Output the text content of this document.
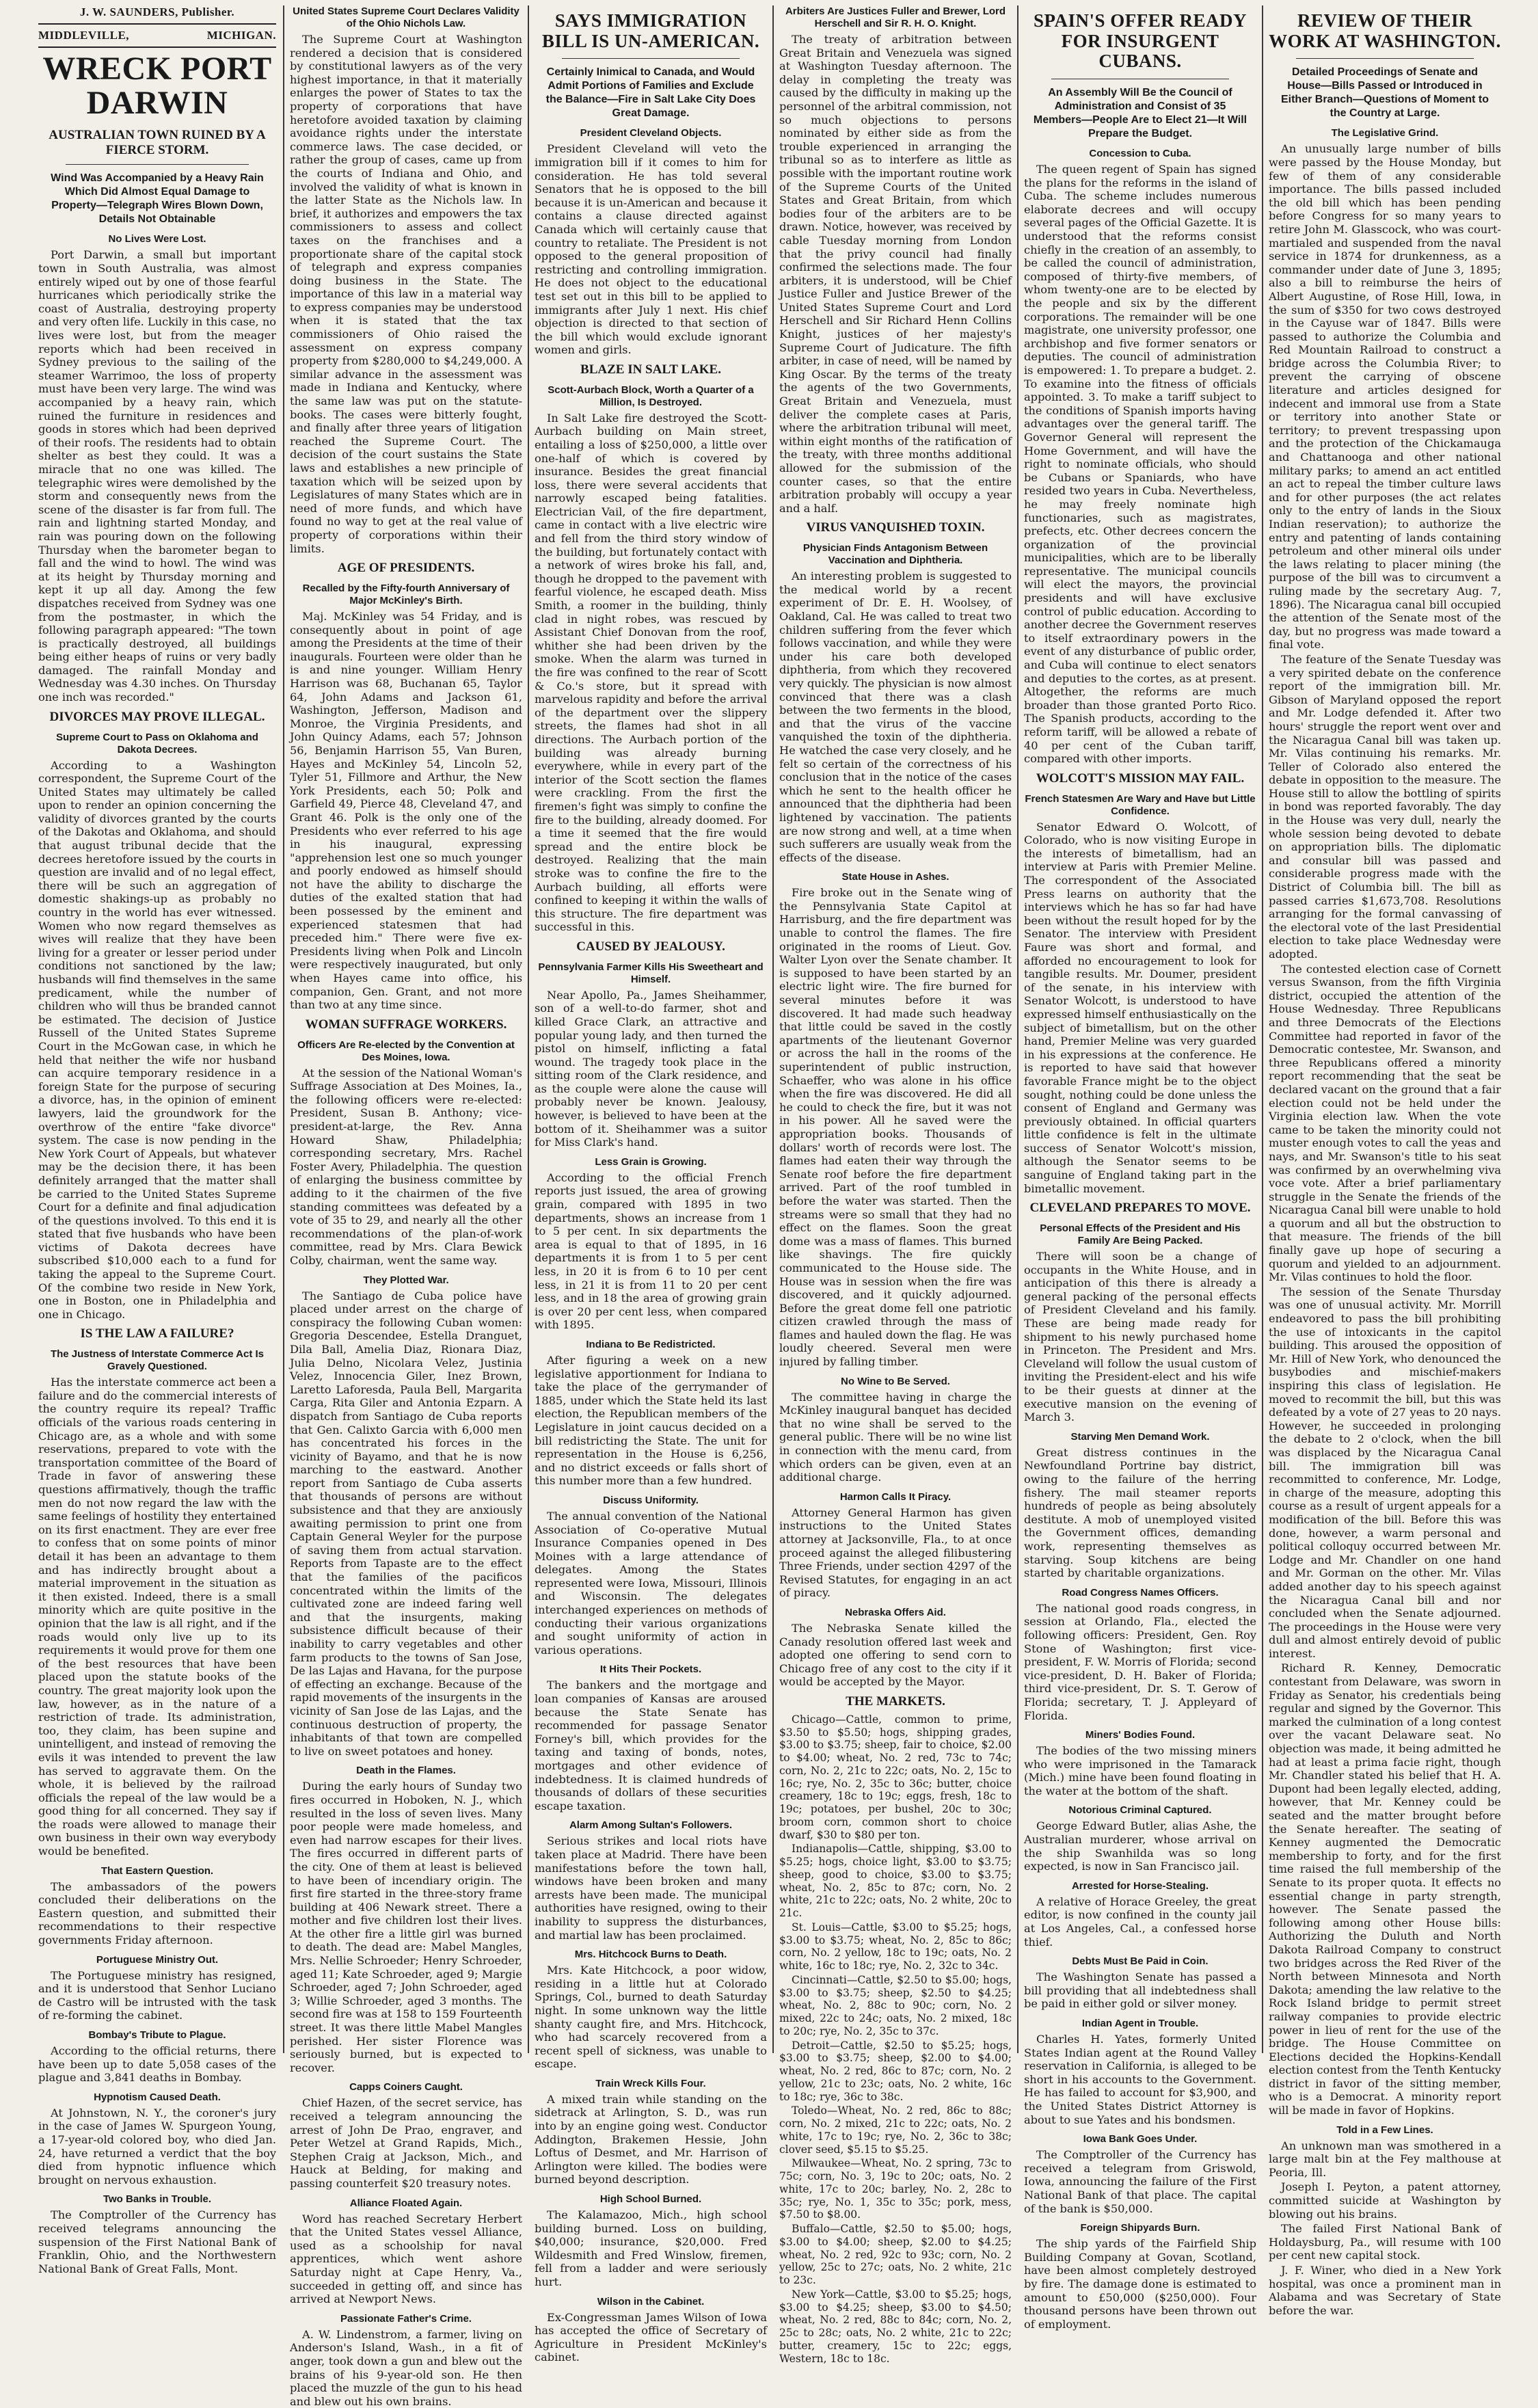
J. W. SAUNDERS, Publisher.
MIDDLEVILLE,	MICHIGAN.
WRECK PORT DARWIN
AUSTRALIAN TOWN RUINED BY A FIERCE STORM.
Wind Was Accompanied by a Heavy Rain Which Did Almost Equal Damage to Property—Telegraph Wires Blown Down, Details Not Obtainable
No Lives Were Lost.

Port Darwin, a small but important town in South Australia, was almost entirely wiped out by one of those fearful hurricanes which periodically strike the coast of Australia, destroying property and very often life. Luckily in this case, no lives were lost, but from the meager reports which had been received in Sydney previous to the sailing of the steamer Warrimoo, the loss of property must have been very large. The wind was accompanied by a heavy rain, which ruined the furniture in residences and goods in stores which had been deprived of their roofs. The residents had to obtain shelter as best they could. It was a miracle that no one was killed. The telegraphic wires were demolished by the storm and consequently news from the scene of the disaster is far from full. The rain and lightning started Monday, and rain was pouring down on the following Thursday when the barometer began to fall and the wind to howl. The wind was at its height by Thursday morning and kept it up all day. Among the few dispatches received from Sydney was one from the postmaster, in which the following paragraph appeared: "The town is practically destroyed, all buildings being either heaps of ruins or very badly damaged. The rainfall Monday and Wednesday was 4.30 inches. On Thursday one inch was recorded."

DIVORCES MAY PROVE ILLEGAL.
Supreme Court to Pass on Oklahoma and Dakota Decrees.

According to a Washington correspondent, the Supreme Court of the United States may ultimately be called upon to render an opinion concerning the validity of divorces granted by the courts of the Dakotas and Oklahoma, and should that august tribunal decide that the decrees heretofore issued by the courts in question are invalid and of no legal effect, there will be such an aggregation of domestic shakings-up as probably no country in the world has ever witnessed. Women who now regard themselves as wives will realize that they have been living for a greater or lesser period under conditions not sanctioned by the law; husbands will find themselves in the same predicament, while the number of children who will thus be branded cannot be estimated. The decision of Justice Russell of the United States Supreme Court in the McGowan case, in which he held that neither the wife nor husband can acquire temporary residence in a foreign State for the purpose of securing a divorce, has, in the opinion of eminent lawyers, laid the groundwork for the overthrow of the entire "fake divorce" system. The case is now pending in the New York Court of Appeals, but whatever may be the decision there, it has been definitely arranged that the matter shall be carried to the United States Supreme Court for a definite and final adjudication of the questions involved. To this end it is stated that five husbands who have been victims of Dakota decrees have subscribed $10,000 each to a fund for taking the appeal to the Supreme Court. Of the combine two reside in New York, one in Boston, one in Philadelphia and one in Chicago.

IS THE LAW A FAILURE?
The Justness of Interstate Commerce Act Is Gravely Questioned.

Has the interstate commerce act been a failure and do the commercial interests of the country require its repeal? Traffic officials of the various roads centering in Chicago are, as a whole and with some reservations, prepared to vote with the transportation committee of the Board of Trade in favor of answering these questions affirmatively, though the traffic men do not now regard the law with the same feelings of hostility they entertained on its first enactment. They are ever free to confess that on some points of minor detail it has been an advantage to them and has indirectly brought about a material improvement in the situation as it then existed. Indeed, there is a small minority which are quite positive in the opinion that the law is all right, and if the roads would only live up to its requirements it would prove for them one of the best resources that have been placed upon the statute books of the country. The great majority look upon the law, however, as in the nature of a restriction of trade. Its administration, too, they claim, has been supine and unintelligent, and instead of removing the evils it was intended to prevent the law has served to aggravate them. On the whole, it is believed by the railroad officials the repeal of the law would be a good thing for all concerned. They say if the roads were allowed to manage their own business in their own way everybody would be benefited.

That Eastern Question.

The ambassadors of the powers concluded their deliberations on the Eastern question, and submitted their recommendations to their respective governments Friday afternoon.

Portuguese Ministry Out.

The Portuguese ministry has resigned, and it is understood that Senhor Luciano de Castro will be intrusted with the task of re-forming the cabinet.

Bombay's Tribute to Plague.

According to the official returns, there have been up to date 5,058 cases of the plague and 3,841 deaths in Bombay.

Hypnotism Caused Death.

At Johnstown, N. Y., the coroner's jury in the case of James W. Spurgeon Young, a 17-year-old colored boy, who died Jan. 24, have returned a verdict that the boy died from hypnotic influence which brought on nervous exhaustion.

Two Banks in Trouble.

The Comptroller of the Currency has received telegrams announcing the suspension of the First National Bank of Franklin, Ohio, and the Northwestern National Bank of Great Falls, Mont.

United States Supreme Court Declares Validity of the Ohio Nichols Law.

The Supreme Court at Washington rendered a decision that is considered by constitutional lawyers as of the very highest importance, in that it materially enlarges the power of States to tax the property of corporations that have heretofore avoided taxation by claiming avoidance rights under the interstate commerce laws. The case decided, or rather the group of cases, came up from the courts of Indiana and Ohio, and involved the validity of what is known in the latter State as the Nichols law. In brief, it authorizes and empowers the tax commissioners to assess and collect taxes on the franchises and a proportionate share of the capital stock of telegraph and express companies doing business in the State. The importance of this law in a material way to express companies may be understood when it is stated that the tax commissioners of Ohio raised the assessment on express company property from $280,000 to $4,249,000. A similar advance in the assessment was made in Indiana and Kentucky, where the same law was put on the statute-books. The cases were bitterly fought, and finally after three years of litigation reached the Supreme Court. The decision of the court sustains the State laws and establishes a new principle of taxation which will be seized upon by Legislatures of many States which are in need of more funds, and which have found no way to get at the real value of property of corporations within their limits.

AGE OF PRESIDENTS.
Recalled by the Fifty-fourth Anniversary of Major McKinley's Birth.

Maj. McKinley was 54 Friday, and is consequently about in point of age among the Presidents at the time of their inaugurals. Fourteen were older than he is and nine younger. William Henry Harrison was 68, Buchanan 65, Taylor 64, John Adams and Jackson 61, Washington, Jefferson, Madison and Monroe, the Virginia Presidents, and John Quincy Adams, each 57; Johnson 56, Benjamin Harrison 55, Van Buren, Hayes and McKinley 54, Lincoln 52, Tyler 51, Fillmore and Arthur, the New York Presidents, each 50; Polk and Garfield 49, Pierce 48, Cleveland 47, and Grant 46. Polk is the only one of the Presidents who ever referred to his age in his inaugural, expressing "apprehension lest one so much younger and poorly endowed as himself should not have the ability to discharge the duties of the exalted station that had been possessed by the eminent and experienced statesmen that had preceded him." There were five ex-Presidents living when Polk and Lincoln were respectively inaugurated, but only when Hayes came into office, his companion, Gen. Grant, and not more than two at any time since.

WOMAN SUFFRAGE WORKERS.
Officers Are Re-elected by the Convention at Des Moines, Iowa.

At the session of the National Woman's Suffrage Association at Des Moines, Ia., the following officers were re-elected: President, Susan B. Anthony; vice-president-at-large, the Rev. Anna Howard Shaw, Philadelphia; corresponding secretary, Mrs. Rachel Foster Avery, Philadelphia. The question of enlarging the business committee by adding to it the chairmen of the five standing committees was defeated by a vote of 35 to 29, and nearly all the other recommendations of the plan-of-work committee, read by Mrs. Clara Bewick Colby, chairman, went the same way.

They Plotted War.

The Santiago de Cuba police have placed under arrest on the charge of conspiracy the following Cuban women: Gregoria Descendee, Estella Dranguet, Dila Ball, Amelia Diaz, Rionara Diaz, Julia Delno, Nicolara Velez, Justinia Velez, Innocencia Giler, Inez Brown, Laretto Laforesda, Paula Bell, Margarita Carga, Rita Giler and Antonia Ezparn. A dispatch from Santiago de Cuba reports that Gen. Calixto Garcia with 6,000 men has concentrated his forces in the vicinity of Bayamo, and that he is now marching to the eastward. Another report from Santiago de Cuba asserts that thousands of persons are without subsistence and that they are anxiously awaiting permission to print one from Captain General Weyler for the purpose of saving them from actual starvation. Reports from Tapaste are to the effect that the families of the pacificos concentrated within the limits of the cultivated zone are indeed faring well and that the insurgents, making subsistence difficult because of their inability to carry vegetables and other farm products to the towns of San Jose, De las Lajas and Havana, for the purpose of effecting an exchange. Because of the rapid movements of the insurgents in the vicinity of San Jose de las Lajas, and the continuous destruction of property, the inhabitants of that town are compelled to live on sweet potatoes and honey.

Death in the Flames.

During the early hours of Sunday two fires occurred in Hoboken, N. J., which resulted in the loss of seven lives. Many poor people were made homeless, and even had narrow escapes for their lives. The fires occurred in different parts of the city. One of them at least is believed to have been of incendiary origin. The first fire started in the three-story frame building at 406 Newark street. There a mother and five children lost their lives. At the other fire a little girl was burned to death. The dead are: Mabel Mangles, Mrs. Nellie Schroeder; Henry Schroeder, aged 11; Kate Schroeder, aged 9; Margie Schroeder, aged 7; John Schroeder, aged 3; Willie Schroeder, aged 3 months. The second fire was at 158 to 159 Fourteenth street. It was there little Mabel Mangles perished. Her sister Florence was seriously burned, but is expected to recover.

Capps Coiners Caught.

Chief Hazen, of the secret service, has received a telegram announcing the arrest of John De Prao, engraver, and Peter Wetzel at Grand Rapids, Mich., Stephen Craig at Jackson, Mich., and Hauck at Belding, for making and passing counterfeit $20 treasury notes.

Alliance Floated Again.

Word has reached Secretary Herbert that the United States vessel Alliance, used as a schoolship for naval apprentices, which went ashore Saturday night at Cape Henry, Va., succeeded in getting off, and since has arrived at Newport News.

Passionate Father's Crime.

A. W. Lindenstrom, a farmer, living on Anderson's Island, Wash., in a fit of anger, took down a gun and blew out the brains of his 9-year-old son. He then placed the muzzle of the gun to his head and blew out his own brains.

SAYS IMMIGRATION BILL IS UN-AMERICAN.
Certainly Inimical to Canada, and Would Admit Portions of Families and Exclude the Balance—Fire in Salt Lake City Does Great Damage.
President Cleveland Objects.

President Cleveland will veto the immigration bill if it comes to him for consideration. He has told several Senators that he is opposed to the bill because it is un-American and because it contains a clause directed against Canada which will certainly cause that country to retaliate. The President is not opposed to the general proposition of restricting and controlling immigration. He does not object to the educational test set out in this bill to be applied to immigrants after July 1 next. His chief objection is directed to that section of the bill which would exclude ignorant women and girls.

BLAZE IN SALT LAKE.
Scott-Aurbach Block, Worth a Quarter of a Million, Is Destroyed.

In Salt Lake fire destroyed the Scott-Aurbach building on Main street, entailing a loss of $250,000, a little over one-half of which is covered by insurance. Besides the great financial loss, there were several accidents that narrowly escaped being fatalities. Electrician Vail, of the fire department, came in contact with a live electric wire and fell from the third story window of the building, but fortunately contact with a network of wires broke his fall, and, though he dropped to the pavement with fearful violence, he escaped death. Miss Smith, a roomer in the building, thinly clad in night robes, was rescued by Assistant Chief Donovan from the roof, whither she had been driven by the smoke. When the alarm was turned in the fire was confined to the rear of Scott & Co.'s store, but it spread with marvelous rapidity and before the arrival of the department over the slippery streets, the flames had shot in all directions. The Aurbach portion of the building was already burning everywhere, while in every part of the interior of the Scott section the flames were crackling. From the first the firemen's fight was simply to confine the fire to the building, already doomed. For a time it seemed that the fire would spread and the entire block be destroyed. Realizing that the main stroke was to confine the fire to the Aurbach building, all efforts were confined to keeping it within the walls of this structure. The fire department was successful in this.

CAUSED BY JEALOUSY.
Pennsylvania Farmer Kills His Sweetheart and Himself.

Near Apollo, Pa., James Sheihammer, son of a well-to-do farmer, shot and killed Grace Clark, an attractive and popular young lady, and then turned the pistol on himself, inflicting a fatal wound. The tragedy took place in the sitting room of the Clark residence, and as the couple were alone the cause will probably never be known. Jealousy, however, is believed to have been at the bottom of it. Sheihammer was a suitor for Miss Clark's hand.

Less Grain is Growing.

According to the official French reports just issued, the area of growing grain, compared with 1895 in two departments, shows an increase from 1 to 5 per cent. In six departments the area is equal to that of 1895, in 16 departments it is from 1 to 5 per cent less, in 20 it is from 6 to 10 per cent less, in 21 it is from 11 to 20 per cent less, and in 18 the area of growing grain is over 20 per cent less, when compared with 1895.

Indiana to Be Redistricted.

After figuring a week on a new legislative apportionment for Indiana to take the place of the gerrymander of 1885, under which the State held its last election, the Republican members of the Legislature in joint caucus decided on a bill redistricting the State. The unit for representation in the House is 6,256, and no district exceeds or falls short of this number more than a few hundred.

Discuss Uniformity.

The annual convention of the National Association of Co-operative Mutual Insurance Companies opened in Des Moines with a large attendance of delegates. Among the States represented were Iowa, Missouri, Illinois and Wisconsin. The delegates interchanged experiences on methods of conducting their various organizations and sought uniformity of action in various operations.

It Hits Their Pockets.

The bankers and the mortgage and loan companies of Kansas are aroused because the State Senate has recommended for passage Senator Forney's bill, which provides for the taxing and taxing of bonds, notes, mortgages and other evidence of indebtedness. It is claimed hundreds of thousands of dollars of these securities escape taxation.

Alarm Among Sultan's Followers.

Serious strikes and local riots have taken place at Madrid. There have been manifestations before the town hall, windows have been broken and many arrests have been made. The municipal authorities have resigned, owing to their inability to suppress the disturbances, and martial law has been proclaimed.

Mrs. Hitchcock Burns to Death.

Mrs. Kate Hitchcock, a poor widow, residing in a little hut at Colorado Springs, Col., burned to death Saturday night. In some unknown way the little shanty caught fire, and Mrs. Hitchcock, who had scarcely recovered from a recent spell of sickness, was unable to escape.

Train Wreck Kills Four.

A mixed train while standing on the sidetrack at Arlington, S. D., was run into by an engine going west. Conductor Addington, Brakemen Hessie, John Loftus of Desmet, and Mr. Harrison of Arlington were killed. The bodies were burned beyond description.

High School Burned.

The Kalamazoo, Mich., high school building burned. Loss on building, $40,000; insurance, $20,000. Fred Wildesmith and Fred Winslow, firemen, fell from a ladder and were seriously hurt.

Wilson in the Cabinet.

Ex-Congressman James Wilson of Iowa has accepted the office of Secretary of Agriculture in President McKinley's cabinet.

Arbiters Are Justices Fuller and Brewer, Lord Herschell and Sir R. H. O. Knight.

The treaty of arbitration between Great Britain and Venezuela was signed at Washington Tuesday afternoon. The delay in completing the treaty was caused by the difficulty in making up the personnel of the arbitral commission, not so much objections to persons nominated by either side as from the trouble experienced in arranging the tribunal so as to interfere as little as possible with the important routine work of the Supreme Courts of the United States and Great Britain, from which bodies four of the arbiters are to be drawn. Notice, however, was received by cable Tuesday morning from London that the privy council had finally confirmed the selections made. The four arbiters, it is understood, will be Chief Justice Fuller and Justice Brewer of the United States Supreme Court and Lord Herschell and Sir Richard Henn Collins Knight, justices of her majesty's Supreme Court of Judicature. The fifth arbiter, in case of need, will be named by King Oscar. By the terms of the treaty the agents of the two Governments, Great Britain and Venezuela, must deliver the complete cases at Paris, where the arbitration tribunal will meet, within eight months of the ratification of the treaty, with three months additional allowed for the submission of the counter cases, so that the entire arbitration probably will occupy a year and a half.

VIRUS VANQUISHED TOXIN.
Physician Finds Antagonism Between Vaccination and Diphtheria.

An interesting problem is suggested to the medical world by a recent experiment of Dr. E. H. Woolsey, of Oakland, Cal. He was called to treat two children suffering from the fever which follows vaccination, and while they were under his care both developed diphtheria, from which they recovered very quickly. The physician is now almost convinced that there was a clash between the two ferments in the blood, and that the virus of the vaccine vanquished the toxin of the diphtheria. He watched the case very closely, and he felt so certain of the correctness of his conclusion that in the notice of the cases which he sent to the health officer he announced that the diphtheria had been lightened by vaccination. The patients are now strong and well, at a time when such sufferers are usually weak from the effects of the disease.

State House in Ashes.

Fire broke out in the Senate wing of the Pennsylvania State Capitol at Harrisburg, and the fire department was unable to control the flames. The fire originated in the rooms of Lieut. Gov. Walter Lyon over the Senate chamber. It is supposed to have been started by an electric light wire. The fire burned for several minutes before it was discovered. It had made such headway that little could be saved in the costly apartments of the lieutenant Governor or across the hall in the rooms of the superintendent of public instruction, Schaeffer, who was alone in his office when the fire was discovered. He did all he could to check the fire, but it was not in his power. All he saved were the appropriation books. Thousands of dollars' worth of records were lost. The flames had eaten their way through the Senate roof before the fire department arrived. Part of the roof tumbled in before the water was started. Then the streams were so small that they had no effect on the flames. Soon the great dome was a mass of flames. This burned like shavings. The fire quickly communicated to the House side. The House was in session when the fire was discovered, and it quickly adjourned. Before the great dome fell one patriotic citizen crawled through the mass of flames and hauled down the flag. He was loudly cheered. Several men were injured by falling timber.

No Wine to Be Served.

The committee having in charge the McKinley inaugural banquet has decided that no wine shall be served to the general public. There will be no wine list in connection with the menu card, from which orders can be given, even at an additional charge.

Harmon Calls It Piracy.

Attorney General Harmon has given instructions to the United States attorney at Jacksonville, Fla., to at once proceed against the alleged filibustering Three Friends, under section 4297 of the Revised Statutes, for engaging in an act of piracy.

Nebraska Offers Aid.

The Nebraska Senate killed the Canady resolution offered last week and adopted one offering to send corn to Chicago free of any cost to the city if it would be accepted by the Mayor.

THE MARKETS.

Chicago—Cattle, common to prime, $3.50 to $5.50; hogs, shipping grades, $3.00 to $3.75; sheep, fair to choice, $2.00 to $4.00; wheat, No. 2 red, 73c to 74c; corn, No. 2, 21c to 22c; oats, No. 2, 15c to 16c; rye, No. 2, 35c to 36c; butter, choice creamery, 18c to 19c; eggs, fresh, 18c to 19c; potatoes, per bushel, 20c to 30c; broom corn, common short to choice dwarf, $30 to $80 per ton.

Indianapolis—Cattle, shipping, $3.00 to $5.25; hogs, choice light, $3.00 to $3.75; sheep, good to choice, $3.00 to $3.75; wheat, No. 2, 85c to 87c; corn, No. 2 white, 21c to 22c; oats, No. 2 white, 20c to 21c.

St. Louis—Cattle, $3.00 to $5.25; hogs, $3.00 to $3.75; wheat, No. 2, 85c to 86c; corn, No. 2 yellow, 18c to 19c; oats, No. 2 white, 16c to 18c; rye, No. 2, 32c to 34c.

Cincinnati—Cattle, $2.50 to $5.00; hogs, $3.00 to $3.75; sheep, $2.50 to $4.25; wheat, No. 2, 88c to 90c; corn, No. 2 mixed, 22c to 24c; oats, No. 2 mixed, 18c to 20c; rye, No. 2, 35c to 37c.

Detroit—Cattle, $2.50 to $5.25; hogs, $3.00 to $3.75; sheep, $2.00 to $4.00; wheat, No. 2 red, 86c to 87c; corn, No. 2 yellow, 21c to 23c; oats, No. 2 white, 16c to 18c; rye, 36c to 38c.

Toledo—Wheat, No. 2 red, 86c to 88c; corn, No. 2 mixed, 21c to 22c; oats, No. 2 white, 17c to 19c; rye, No. 2, 36c to 38c; clover seed, $5.15 to $5.25.

Milwaukee—Wheat, No. 2 spring, 73c to 75c; corn, No. 3, 19c to 20c; oats, No. 2 white, 17c to 20c; barley, No. 2, 28c to 35c; rye, No. 1, 35c to 35c; pork, mess, $7.50 to $8.00.

Buffalo—Cattle, $2.50 to $5.00; hogs, $3.00 to $4.00; sheep, $2.00 to $4.25; wheat, No. 2 red, 92c to 93c; corn, No. 2 yellow, 25c to 27c; oats, No. 2 white, 21c to 23c.

New York—Cattle, $3.00 to $5.25; hogs, $3.00 to $4.25; sheep, $3.00 to $4.50; wheat, No. 2 red, 88c to 84c; corn, No. 2, 25c to 28c; oats, No. 2 white, 21c to 22c; butter, creamery, 15c to 22c; eggs, Western, 18c to 18c.

SPAIN'S OFFER READY FOR INSURGENT CUBANS.
An Assembly Will Be the Council of Administration and Consist of 35 Members—People Are to Elect 21—It Will Prepare the Budget.
Concession to Cuba.

The queen regent of Spain has signed the plans for the reforms in the island of Cuba. The scheme includes numerous elaborate decrees and will occupy several pages of the Official Gazette. It is understood that the reforms consist chiefly in the creation of an assembly, to be called the council of administration, composed of thirty-five members, of whom twenty-one are to be elected by the people and six by the different corporations. The remainder will be one magistrate, one university professor, one archbishop and five former senators or deputies. The council of administration is empowered: 1. To prepare a budget. 2. To examine into the fitness of officials appointed. 3. To make a tariff subject to the conditions of Spanish imports having advantages over the general tariff. The Governor General will represent the Home Government, and will have the right to nominate officials, who should be Cubans or Spaniards, who have resided two years in Cuba. Nevertheless, he may freely nominate high functionaries, such as magistrates, prefects, etc. Other decrees concern the organization of the provincial municipalities, which are to be liberally representative. The municipal councils will elect the mayors, the provincial presidents and will have exclusive control of public education. According to another decree the Government reserves to itself extraordinary powers in the event of any disturbance of public order, and Cuba will continue to elect senators and deputies to the cortes, as at present. Altogether, the reforms are much broader than those granted Porto Rico. The Spanish products, according to the reform tariff, will be allowed a rebate of 40 per cent of the Cuban tariff, compared with other imports.

WOLCOTT'S MISSION MAY FAIL.
French Statesmen Are Wary and Have but Little Confidence.

Senator Edward O. Wolcott, of Colorado, who is now visiting Europe in the interests of bimetallism, had an interview at Paris with Premier Meline. The correspondent of the Associated Press learns on authority that the interviews which he has so far had have been without the result hoped for by the Senator. The interview with President Faure was short and formal, and afforded no encouragement to look for tangible results. Mr. Doumer, president of the senate, in his interview with Senator Wolcott, is understood to have expressed himself enthusiastically on the subject of bimetallism, but on the other hand, Premier Meline was very guarded in his expressions at the conference. He is reported to have said that however favorable France might be to the object sought, nothing could be done unless the consent of England and Germany was previously obtained. In official quarters little confidence is felt in the ultimate success of Senator Wolcott's mission, although the Senator seems to be sanguine of England taking part in the bimetallic movement.

CLEVELAND PREPARES TO MOVE.
Personal Effects of the President and His Family Are Being Packed.

There will soon be a change of occupants in the White House, and in anticipation of this there is already a general packing of the personal effects of President Cleveland and his family. These are being made ready for shipment to his newly purchased home in Princeton. The President and Mrs. Cleveland will follow the usual custom of inviting the President-elect and his wife to be their guests at dinner at the executive mansion on the evening of March 3.

Starving Men Demand Work.

Great distress continues in the Newfoundland Portrine bay district, owing to the failure of the herring fishery. The mail steamer reports hundreds of people as being absolutely destitute. A mob of unemployed visited the Government offices, demanding work, representing themselves as starving. Soup kitchens are being started by charitable organizations.

Road Congress Names Officers.

The national good roads congress, in session at Orlando, Fla., elected the following officers: President, Gen. Roy Stone of Washington; first vice-president, F. W. Morris of Florida; second vice-president, D. H. Baker of Florida; third vice-president, Dr. S. T. Gerow of Florida; secretary, T. J. Appleyard of Florida.

Miners' Bodies Found.

The bodies of the two missing miners who were imprisoned in the Tamarack (Mich.) mine have been found floating in the water at the bottom of the shaft.

Notorious Criminal Captured.

George Edward Butler, alias Ashe, the Australian murderer, whose arrival on the ship Swanhilda was so long expected, is now in San Francisco jail.

Arrested for Horse-Stealing.

A relative of Horace Greeley, the great editor, is now confined in the county jail at Los Angeles, Cal., a confessed horse thief.

Debts Must Be Paid in Coin.

The Washington Senate has passed a bill providing that all indebtedness shall be paid in either gold or silver money.

Indian Agent in Trouble.

Charles H. Yates, formerly United States Indian agent at the Round Valley reservation in California, is alleged to be short in his accounts to the Government. He has failed to account for $3,900, and the United States District Attorney is about to sue Yates and his bondsmen.

Iowa Bank Goes Under.

The Comptroller of the Currency has received a telegram from Griswold, Iowa, announcing the failure of the First National Bank of that place. The capital of the bank is $50,000.

Foreign Shipyards Burn.

The ship yards of the Fairfield Ship Building Company at Govan, Scotland, have been almost completely destroyed by fire. The damage done is estimated to amount to £50,000 ($250,000). Four thousand persons have been thrown out of employment.

REVIEW OF THEIR WORK AT WASHINGTON.
Detailed Proceedings of Senate and House—Bills Passed or Introduced in Either Branch—Questions of Moment to the Country at Large.
The Legislative Grind.

An unusually large number of bills were passed by the House Monday, but few of them of any considerable importance. The bills passed included the old bill which has been pending before Congress for so many years to retire John M. Glasscock, who was court-martialed and suspended from the naval service in 1874 for drunkenness, as a commander under date of June 3, 1895; also a bill to reimburse the heirs of Albert Augustine, of Rose Hill, Iowa, in the sum of $350 for two cows destroyed in the Cayuse war of 1847. Bills were passed to authorize the Columbia and Red Mountain Railroad to construct a bridge across the Columbia River; to prevent the carrying of obscene literature and articles designed for indecent and immoral use from a State or territory into another State or territory; to prevent trespassing upon and the protection of the Chickamauga and Chattanooga and other national military parks; to amend an act entitled an act to repeal the timber culture laws and for other purposes (the act relates only to the entry of lands in the Sioux Indian reservation); to authorize the entry and patenting of lands containing petroleum and other mineral oils under the laws relating to placer mining (the purpose of the bill was to circumvent a ruling made by the secretary Aug. 7, 1896). The Nicaragua canal bill occupied the attention of the Senate most of the day, but no progress was made toward a final vote.

The feature of the Senate Tuesday was a very spirited debate on the conference report of the immigration bill. Mr. Gibson of Maryland opposed the report and Mr. Lodge defended it. After two hours' struggle the report went over and the Nicaragua Canal bill was taken up. Mr. Vilas continuing his remarks. Mr. Teller of Colorado also entered the debate in opposition to the measure. The House still to allow the bottling of spirits in bond was reported favorably. The day in the House was very dull, nearly the whole session being devoted to debate on appropriation bills. The diplomatic and consular bill was passed and considerable progress made with the District of Columbia bill. The bill as passed carries $1,673,708. Resolutions arranging for the formal canvassing of the electoral vote of the last Presidential election to take place Wednesday were adopted.

The contested election case of Cornett versus Swanson, from the fifth Virginia district, occupied the attention of the House Wednesday. Three Republicans and three Democrats of the Elections Committee had reported in favor of the Democratic contestee, Mr. Swanson, and three Republicans offered a minority report recommending that the seat be declared vacant on the ground that a fair election could not be held under the Virginia election law. When the vote came to be taken the minority could not muster enough votes to call the yeas and nays, and Mr. Swanson's title to his seat was confirmed by an overwhelming viva voce vote. After a brief parliamentary struggle in the Senate the friends of the Nicaragua Canal bill were unable to hold a quorum and all but the obstruction to that measure. The friends of the bill finally gave up hope of securing a quorum and yielded to an adjournment. Mr. Vilas continues to hold the floor.

The session of the Senate Thursday was one of unusual activity. Mr. Morrill endeavored to pass the bill prohibiting the use of intoxicants in the capitol building. This aroused the opposition of Mr. Hill of New York, who denounced the busybodies and mischief-makers inspiring this class of legislation. He moved to recommit the bill, but this was defeated by a vote of 27 yeas to 20 nays. However, he succeeded in prolonging the debate to 2 o'clock, when the bill was displaced by the Nicaragua Canal bill. The immigration bill was recommitted to conference, Mr. Lodge, in charge of the measure, adopting this course as a result of urgent appeals for a modification of the bill. Before this was done, however, a warm personal and political colloquy occurred between Mr. Lodge and Mr. Chandler on one hand and Mr. Gorman on the other. Mr. Vilas added another day to his speech against the Nicaragua Canal bill and nor concluded when the Senate adjourned. The proceedings in the House were very dull and almost entirely devoid of public interest.

Richard R. Kenney, Democratic contestant from Delaware, was sworn in Friday as Senator, his credentials being regular and signed by the Governor. This marked the culmination of a long contest over the vacant Delaware seat. No objection was made, it being admitted he had at least a prima facie right, though Mr. Chandler stated his belief that H. A. Dupont had been legally elected, adding, however, that Mr. Kenney could be seated and the matter brought before the Senate hereafter. The seating of Kenney augmented the Democratic membership to forty, and for the first time raised the full membership of the Senate to its proper quota. It effects no essential change in party strength, however. The Senate passed the following among other House bills: Authorizing the Duluth and North Dakota Railroad Company to construct two bridges across the Red River of the North between Minnesota and North Dakota; amending the law relative to the Rock Island bridge to permit street railway companies to provide electric power in lieu of rent for the use of the bridge. The House Committee on Elections decided the Hopkins-Kendall election contest from the Tenth Kentucky district in favor of the sitting member, who is a Democrat. A minority report will be made in favor of Hopkins.

Told in a Few Lines.

An unknown man was smothered in a large malt bin at the Fey malthouse at Peoria, Ill.

Joseph I. Peyton, a patent attorney, committed suicide at Washington by blowing out his brains.

The failed First National Bank of Holdaysburg, Pa., will resume with 100 per cent new capital stock.

J. F. Winer, who died in a New York hospital, was once a prominent man in Alabama and was Secretary of State before the war.
